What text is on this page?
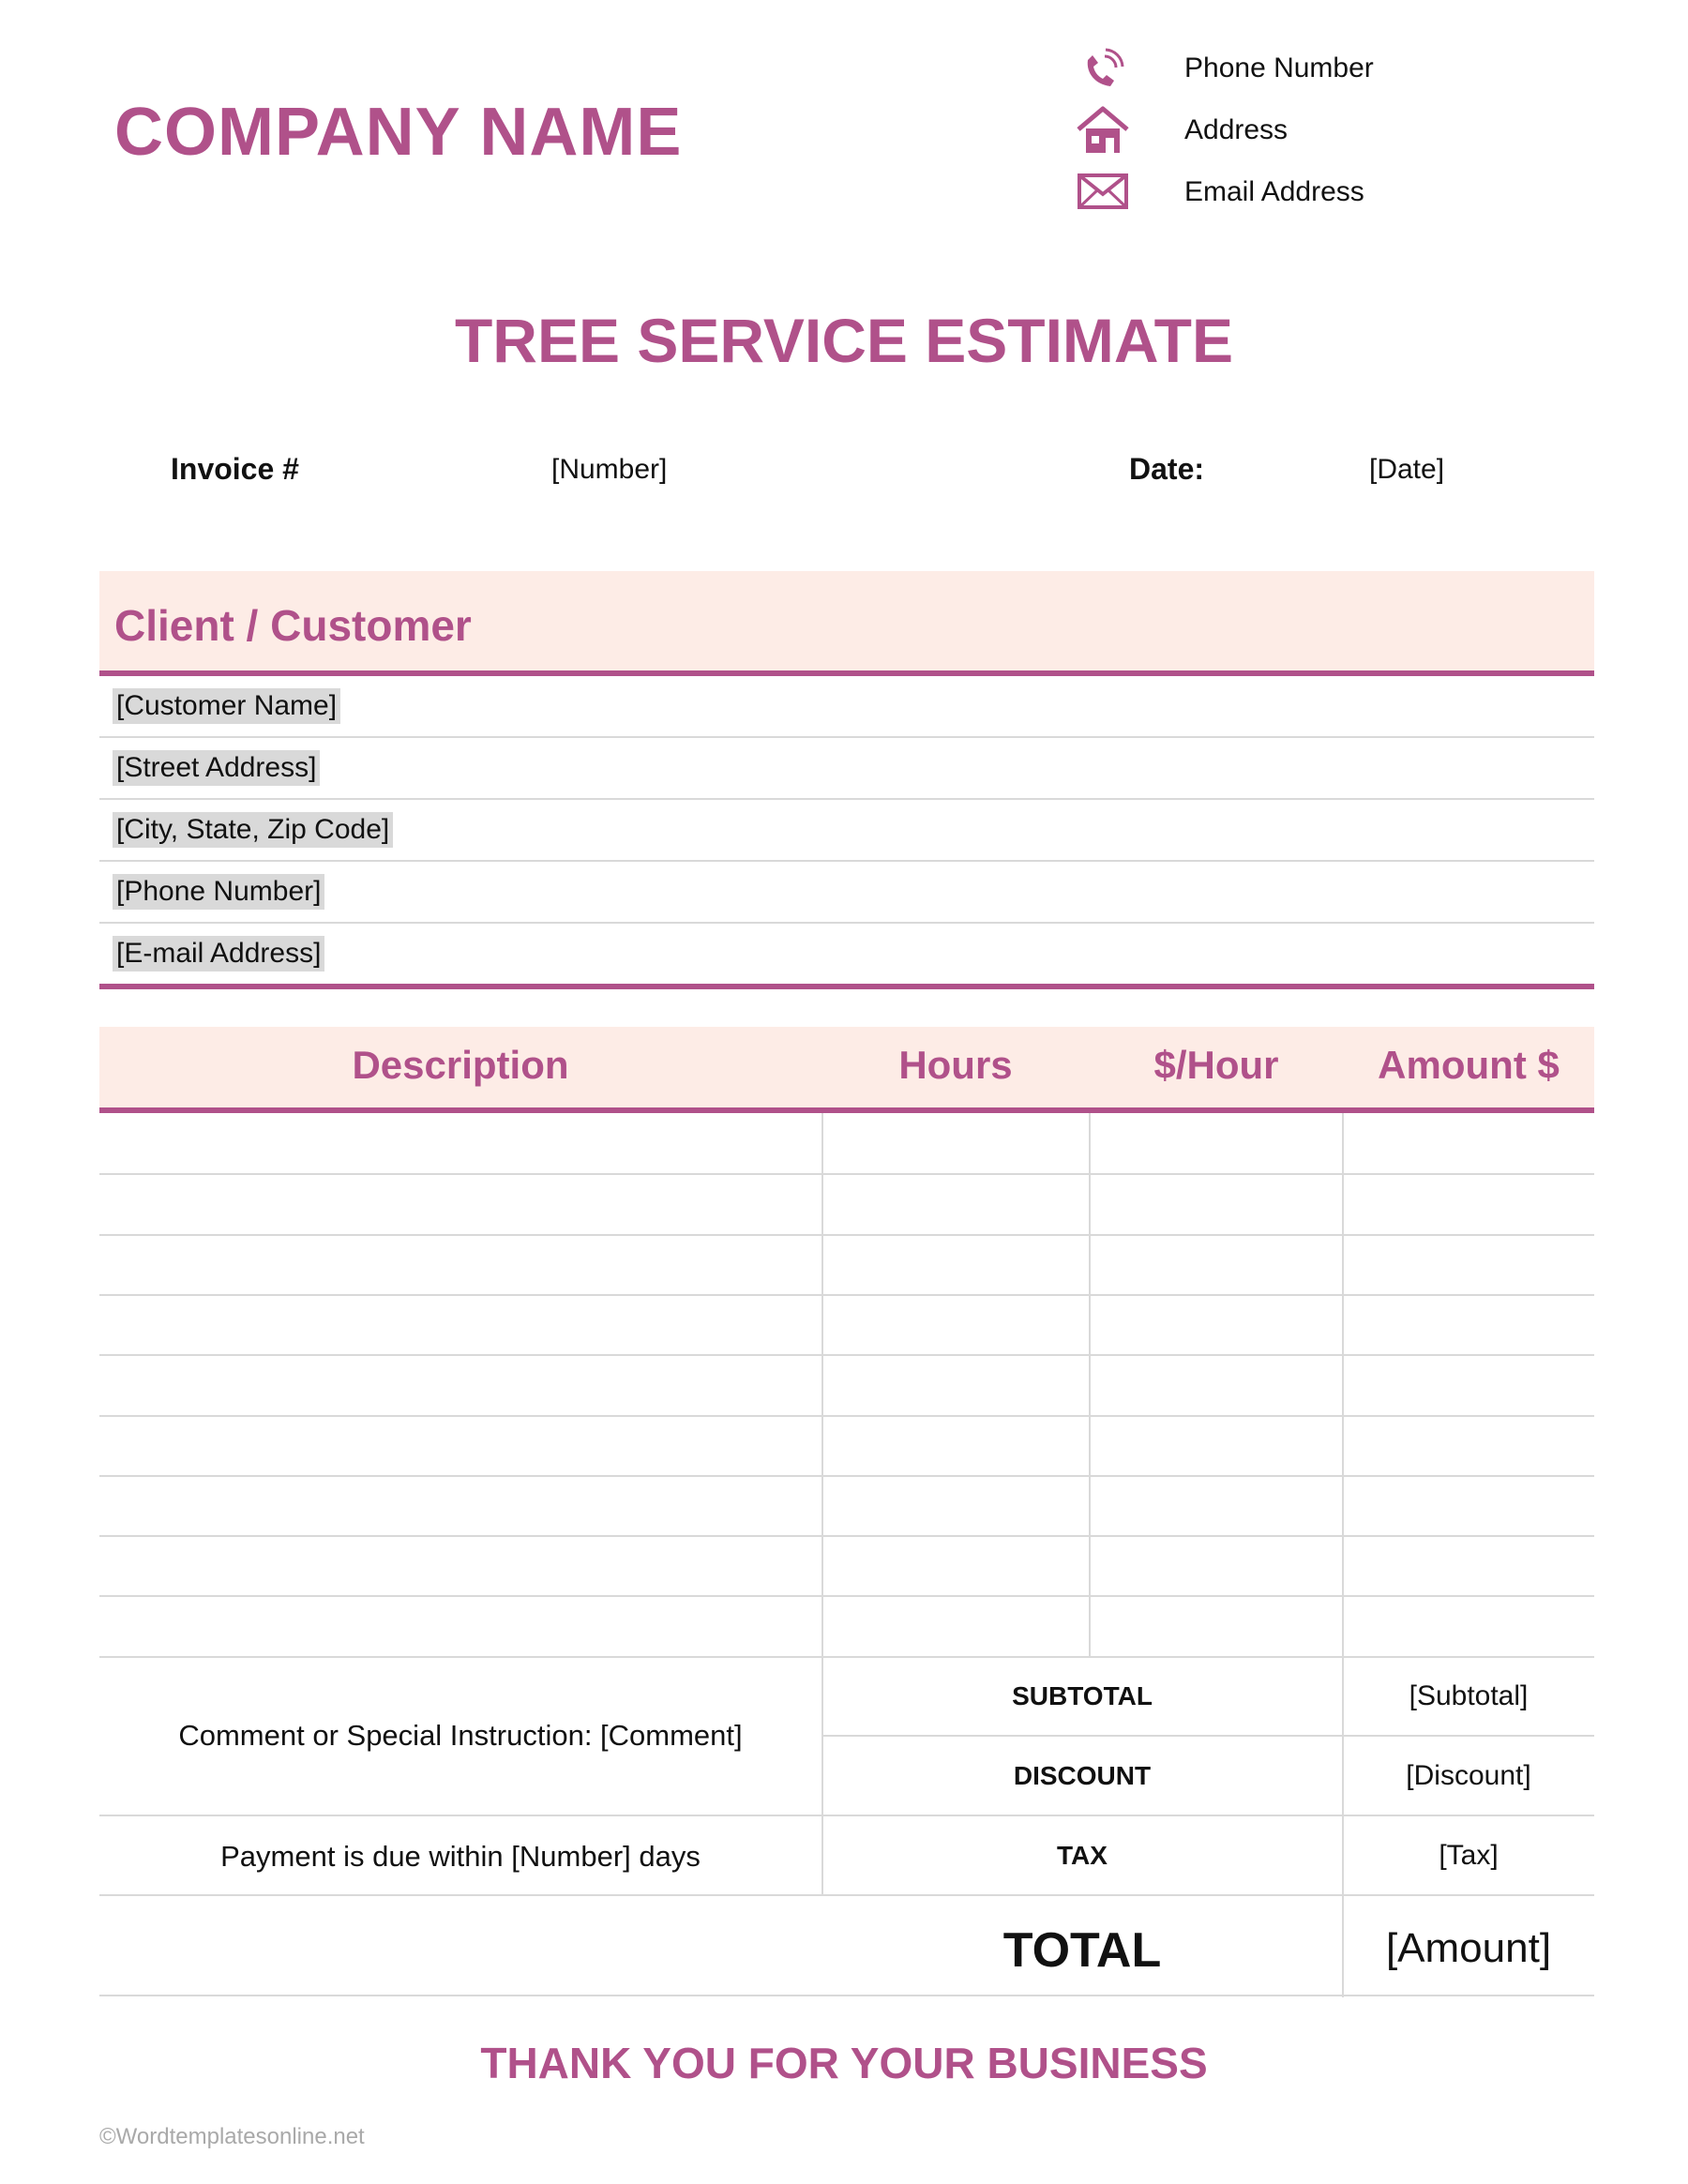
COMPANY NAME
Phone Number
Address
Email Address
TREE SERVICE ESTIMATE
Invoice #	[Number]	Date:	[Date]
Client / Customer
[Customer Name]
[Street Address]
[City, State, Zip Code]
[Phone Number]
[E-mail Address]
Description	Hours	$/Hour	Amount $
Comment or Special Instruction: [Comment]
SUBTOTAL	[Subtotal]
DISCOUNT	[Discount]
Payment is due within [Number] days	TAX	[Tax]
TOTAL	[Amount]
THANK YOU FOR YOUR BUSINESS
©Wordtemplatesonline.net
